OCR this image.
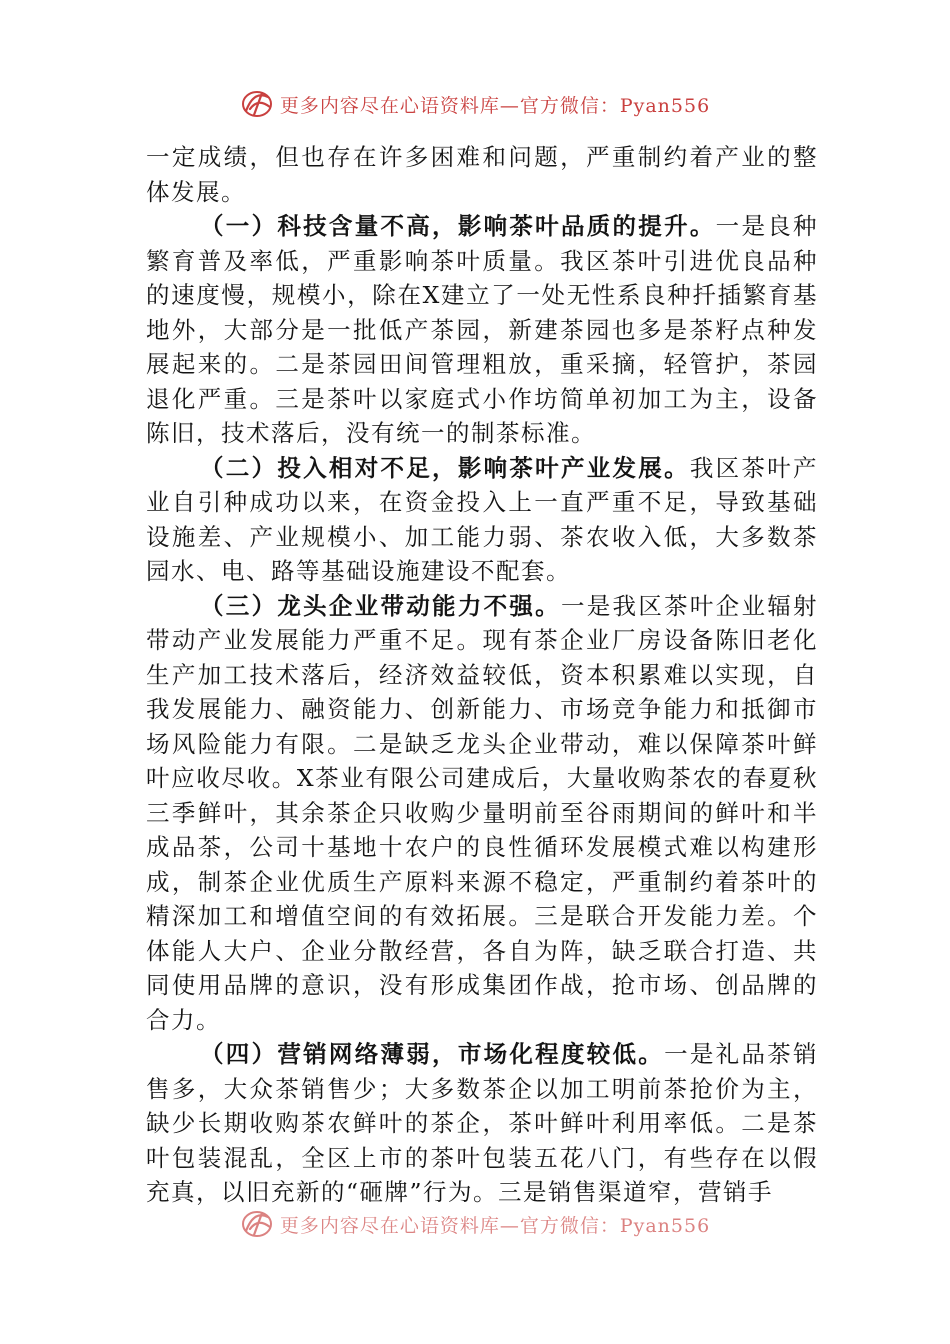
更多内容尽在心语资料库—官方微信：Pyan556

一定成绩，但也存在许多困难和问题，严重制约着产业的整体发展。

（一）科技含量不高，影响茶叶品质的提升。一是良种繁育普及率低，严重影响茶叶质量。我区茶叶引进优良品种的速度慢，规模小，除在X建立了一处无性系良种扦插繁育基地外，大部分是一批低产茶园，新建茶园也多是茶籽点种发展起来的。二是茶园田间管理粗放，重采摘，轻管护，茶园退化严重。三是茶叶以家庭式小作坊简单初加工为主，设备陈旧，技术落后，没有统一的制茶标准。

（二）投入相对不足，影响茶叶产业发展。我区茶叶产业自引种成功以来，在资金投入上一直严重不足，导致基础设施差、产业规模小、加工能力弱、茶农收入低，大多数茶园水、电、路等基础设施建设不配套。

（三）龙头企业带动能力不强。一是我区茶叶企业辐射带动产业发展能力严重不足。现有茶企业厂房设备陈旧老化生产加工技术落后，经济效益较低，资本积累难以实现，自我发展能力、融资能力、创新能力、市场竞争能力和抵御市场风险能力有限。二是缺乏龙头企业带动，难以保障茶叶鲜叶应收尽收。X茶业有限公司建成后，大量收购茶农的春夏秋三季鲜叶，其余茶企只收购少量明前至谷雨期间的鲜叶和半成品茶，公司十基地十农户的良性循环发展模式难以构建形成，制茶企业优质生产原料来源不稳定，严重制约着茶叶的精深加工和增值空间的有效拓展。三是联合开发能力差。个体能人大户、企业分散经营，各自为阵，缺乏联合打造、共同使用品牌的意识，没有形成集团作战，抢市场、创品牌的合力。

（四）营销网络薄弱，市场化程度较低。一是礼品茶销售多，大众茶销售少；大多数茶企以加工明前茶抢价为主，缺少长期收购茶农鲜叶的茶企，茶叶鲜叶利用率低。二是茶叶包装混乱，全区上市的茶叶包装五花八门，有些存在以假充真，以旧充新的“砸牌”行为。三是销售渠道窄，营销手

更多内容尽在心语资料库—官方微信：Pyan556
